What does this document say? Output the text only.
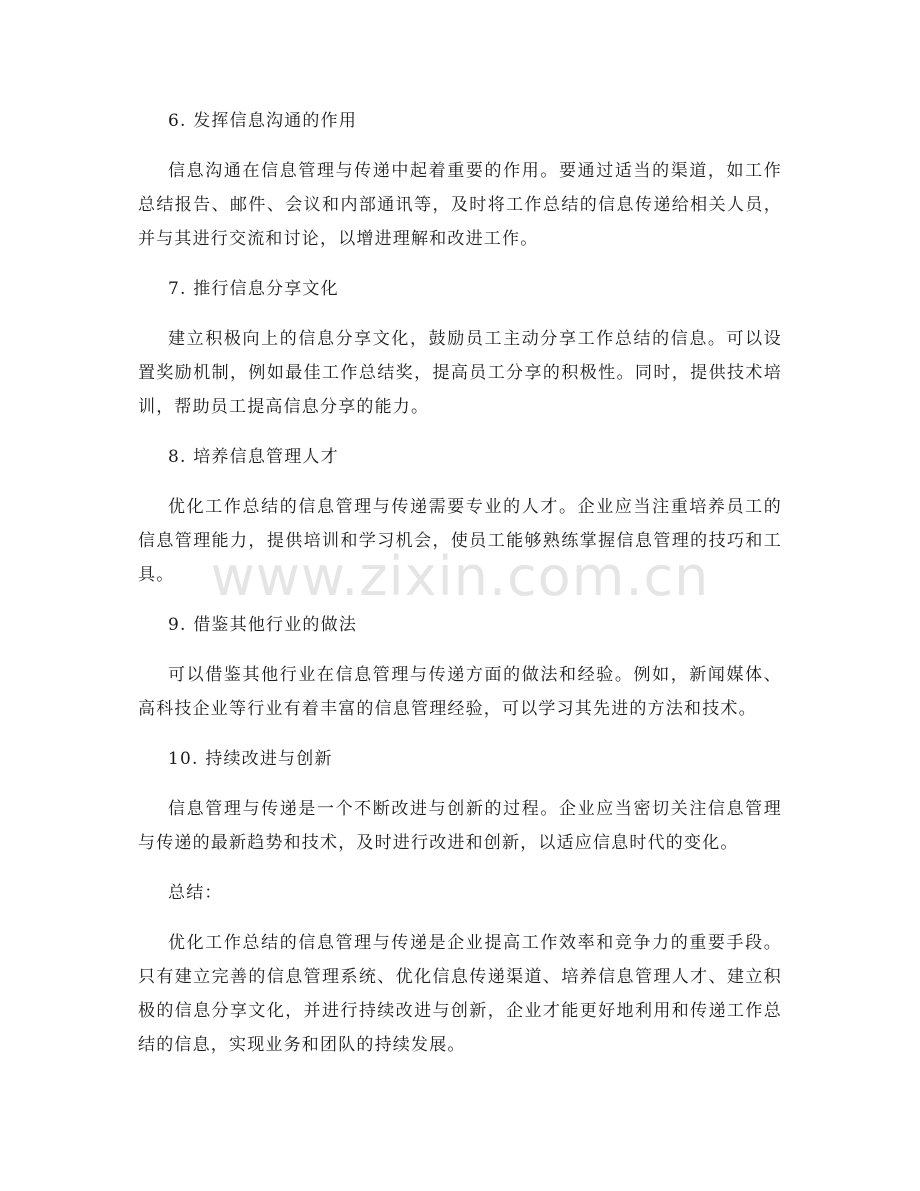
6. 发挥信息沟通的作用

信息沟通在信息管理与传递中起着重要的作用。要通过适当的渠道，如工作总结报告、邮件、会议和内部通讯等，及时将工作总结的信息传递给相关人员，并与其进行交流和讨论，以增进理解和改进工作。

7. 推行信息分享文化

建立积极向上的信息分享文化，鼓励员工主动分享工作总结的信息。可以设置奖励机制，例如最佳工作总结奖，提高员工分享的积极性。同时，提供技术培训，帮助员工提高信息分享的能力。

8. 培养信息管理人才

优化工作总结的信息管理与传递需要专业的人才。企业应当注重培养员工的信息管理能力，提供培训和学习机会，使员工能够熟练掌握信息管理的技巧和工具。

9. 借鉴其他行业的做法

可以借鉴其他行业在信息管理与传递方面的做法和经验。例如，新闻媒体、高科技企业等行业有着丰富的信息管理经验，可以学习其先进的方法和技术。

10. 持续改进与创新

信息管理与传递是一个不断改进与创新的过程。企业应当密切关注信息管理与传递的最新趋势和技术，及时进行改进和创新，以适应信息时代的变化。

总结：

优化工作总结的信息管理与传递是企业提高工作效率和竞争力的重要手段。只有建立完善的信息管理系统、优化信息传递渠道、培养信息管理人才、建立积极的信息分享文化，并进行持续改进与创新，企业才能更好地利用和传递工作总结的信息，实现业务和团队的持续发展。

www.zixin.com.cn
